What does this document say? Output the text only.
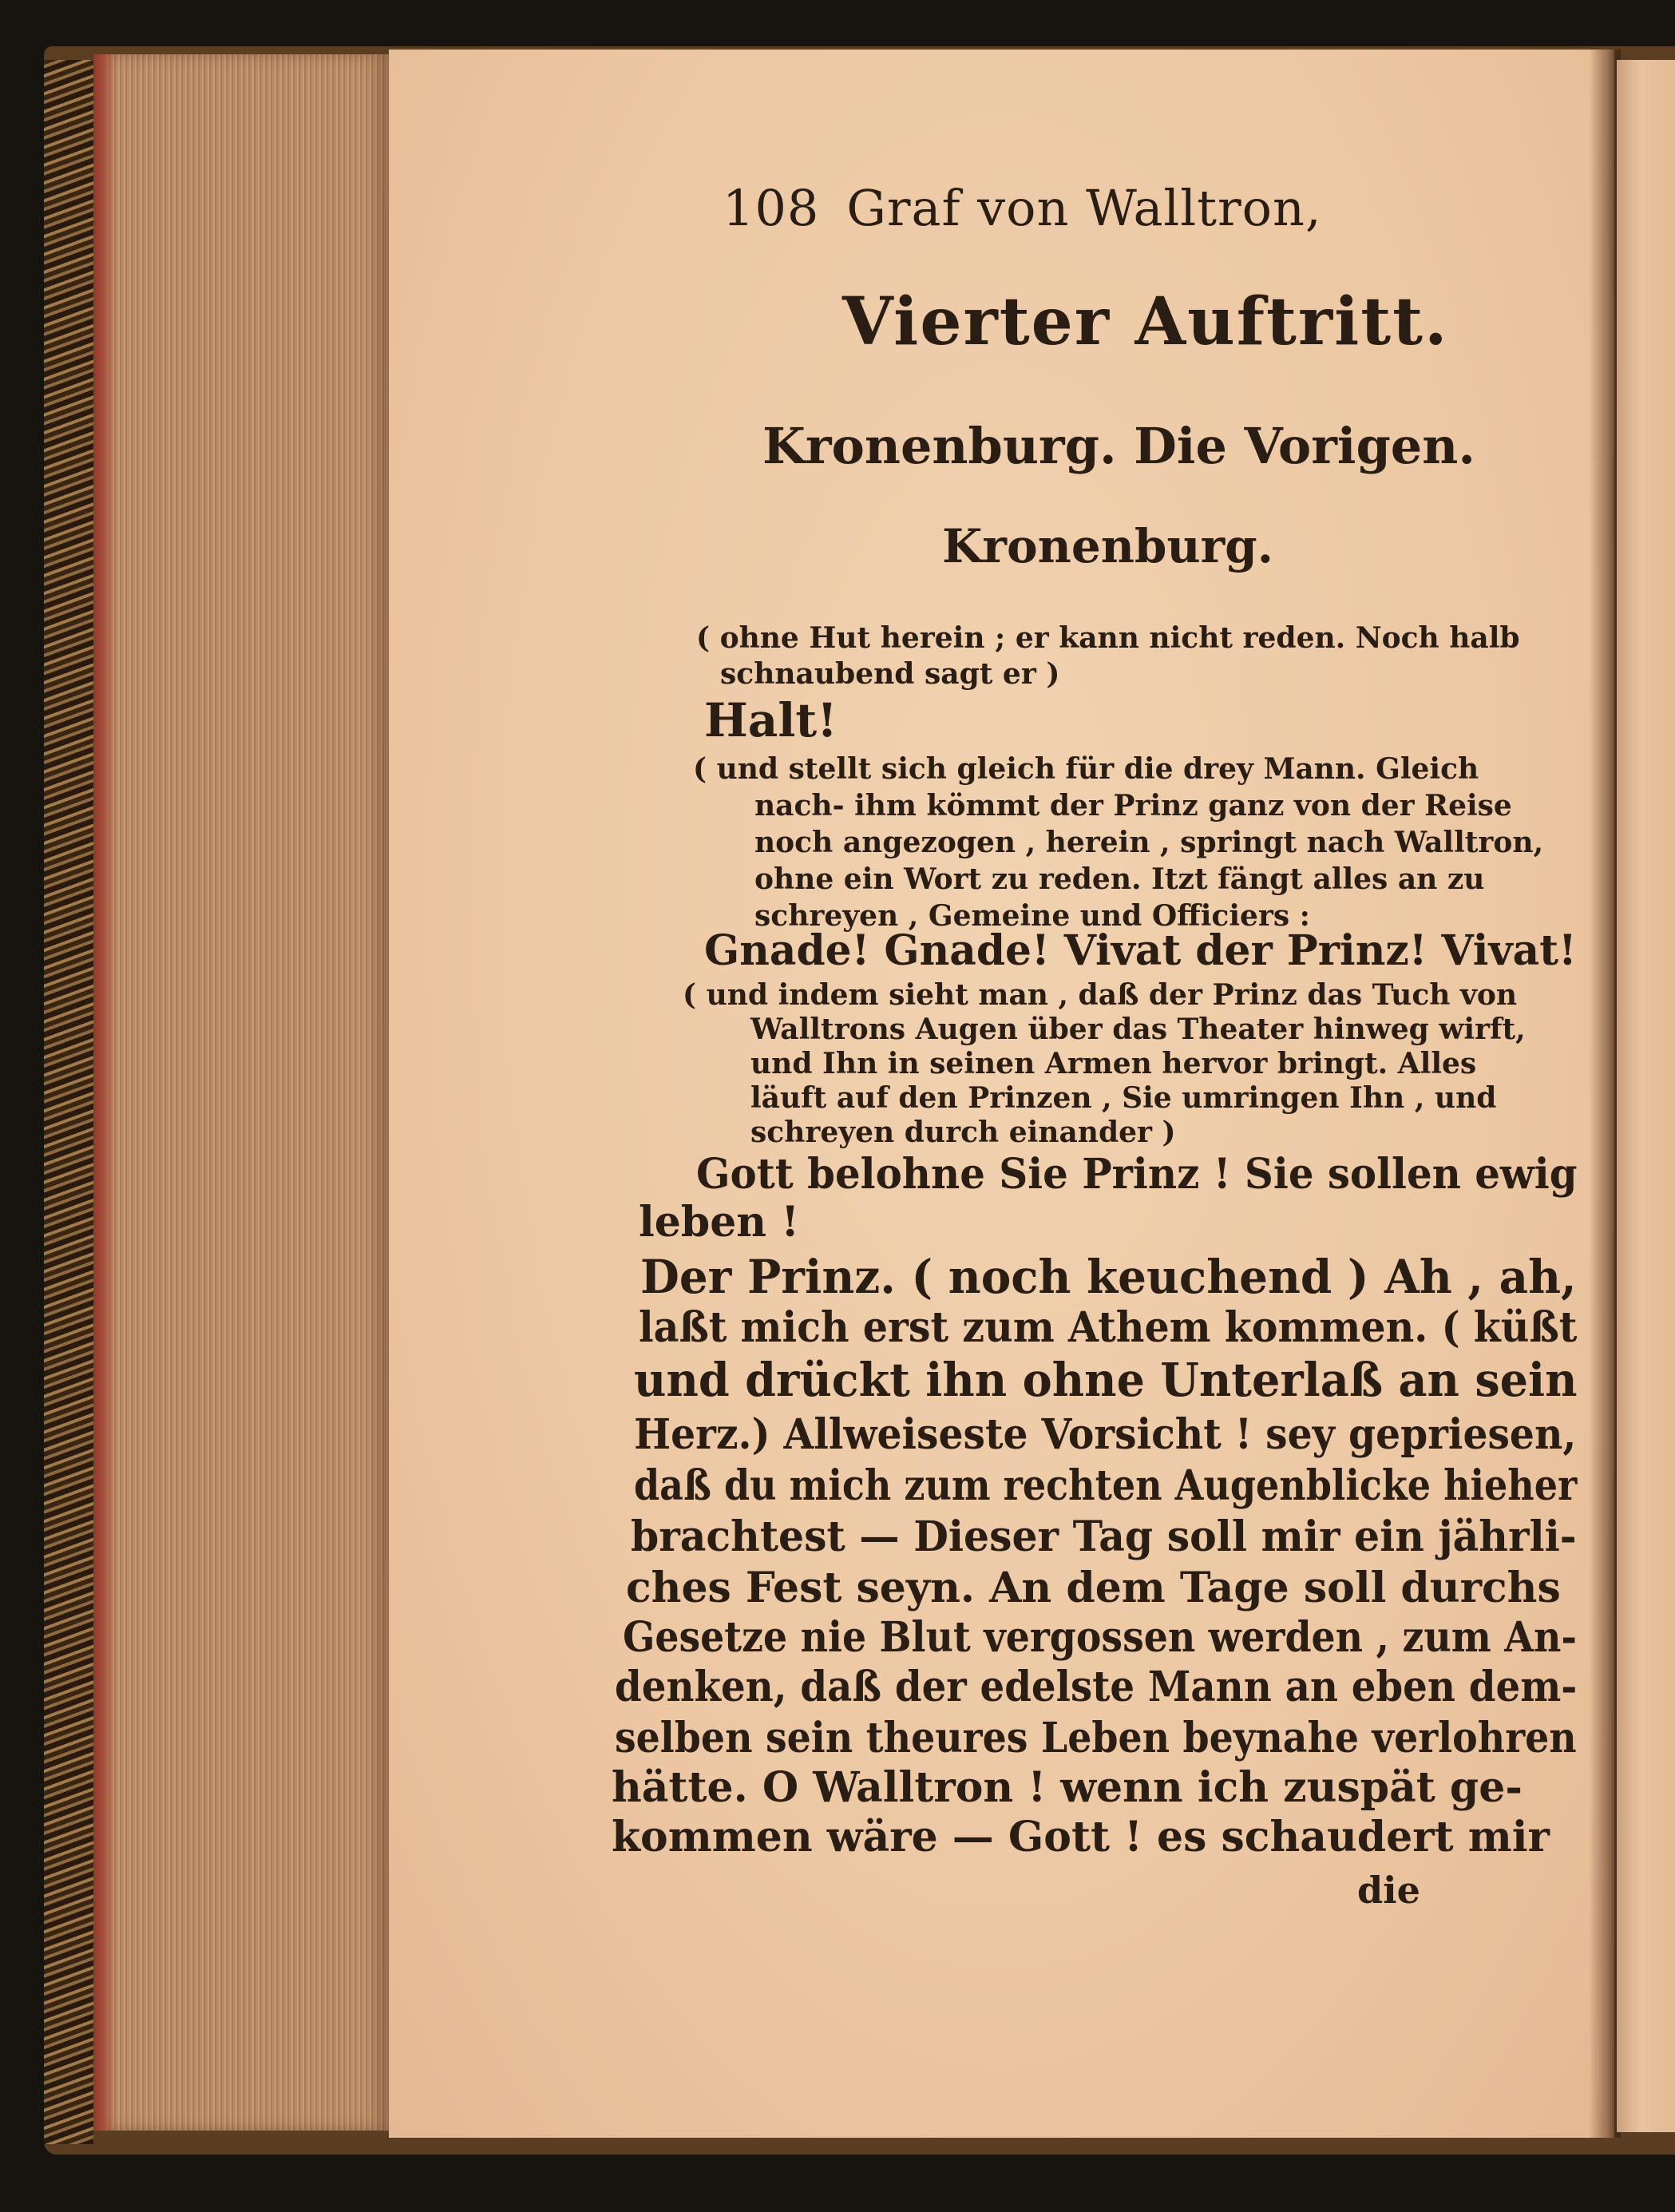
108 Graf von Walltron,

Vierter Auftritt.

Kronenburg. Die Vorigen.

Kronenburg.

( ohne Hut herein ; er kann nicht reden. Noch halb

schnaubend sagt er )

Halt!

( und stellt sich gleich für die drey Mann. Gleich

nach- ihm kömmt der Prinz ganz von der Reise

noch angezogen , herein , springt nach Walltron,

ohne ein Wort zu reden. Itzt fängt alles an zu

schreyen , Gemeine und Officiers :

Gnade! Gnade! Vivat der Prinz! Vivat!

( und indem sieht man , daß der Prinz das Tuch von

Walltrons Augen über das Theater hinweg wirft,

und Ihn in seinen Armen hervor bringt. Alles

läuft auf den Prinzen , Sie umringen Ihn , und

schreyen durch einander )

Gott belohne Sie Prinz ! Sie sollen ewig

leben !

Der Prinz. ( noch keuchend ) Ah , ah,

laßt mich erst zum Athem kommen. ( küßt

und drückt ihn ohne Unterlaß an sein

Herz.) Allweiseste Vorsicht ! sey gepriesen,

daß du mich zum rechten Augenblicke hieher

brachtest — Dieser Tag soll mir ein jährli-

ches Fest seyn. An dem Tage soll durchs

Gesetze nie Blut vergossen werden , zum An-

denken, daß der edelste Mann an eben dem-

selben sein theures Leben beynahe verlohren

hätte. O Walltron ! wenn ich zuspät ge-

kommen wäre — Gott ! es schaudert mir

die
